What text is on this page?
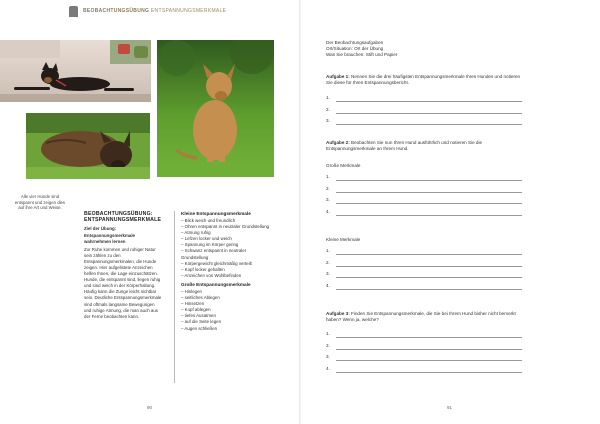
BEOBACHTUNGSÜBUNG ENTSPANNUNGSMERKMALE
Alle vier Hunde sind entspannt und zeigen dies auf ihre Art und Weise.
BEOBACHTUNGSÜBUNG: ENTSPANNUNGSMERKMALE

Ziel der Übung: Entspannungsmerkmale wahrnehmen lernen

Zur Ruhe kommen und ruhiger Natur sein zählen zu den Entspannungsmerkmalen, die Hunde zeigen. Hier aufgelistete Anzeichen helfen Ihnen, die Lage einzuschätzen. Hunde, die entspannt sind, liegen ruhig und sind weich in der Körperhaltung. Häufig kann die Zunge leicht sichtbar sein. Deutliche Entspannungsmerkmale sind oftmals langsame Bewegungen und ruhige Atmung, die man auch aus der Ferne beobachten kann.

Kleine Entspannungsmerkmale
– Blick weich und freundlich
– Ohren entspannt in neutraler Grundstellung
– Atmung ruhig
– Lefzen locker und weich
– Spannung im Körper gering
– Schwanz entspannt in neutraler Grundstellung
– Körpergewicht gleichmäßig verteilt
– Kopf locker gehalten
– Anzeichen von Wohlbefinden
Große Entspannungsmerkmale
– Hinlegen
– seitliches Ablegen
– Hinsetzen
– Kopf ablegen
– tiefes Ausatmen
– auf die Seite legen
– Augen schließen
90
Der Beobachtungsaufgaben
Ort/Situation: Ort der Übung
Was Sie brauchen: Stift und Papier
Aufgabe 1: Nennen Sie die drei häufigsten Entspannungsmerkmale Ihres Hundes und notieren Sie diese für Ihren Entspannungsbericht.
1.
2.
3.
Aufgabe 2: Beobachten Sie nun Ihren Hund ausführlich und notieren Sie die Entspannungsmerkmale an Ihrem Hund.
Große Merkmale
1.
2.
3.
4.
Kleine Merkmale
1.
2.
3.
4.
Aufgabe 3: Finden Sie Entspannungsmerkmale, die Sie bei Ihrem Hund bisher nicht bemerkt haben? Wenn ja, welche?
1.
2.
3.
4.
91
